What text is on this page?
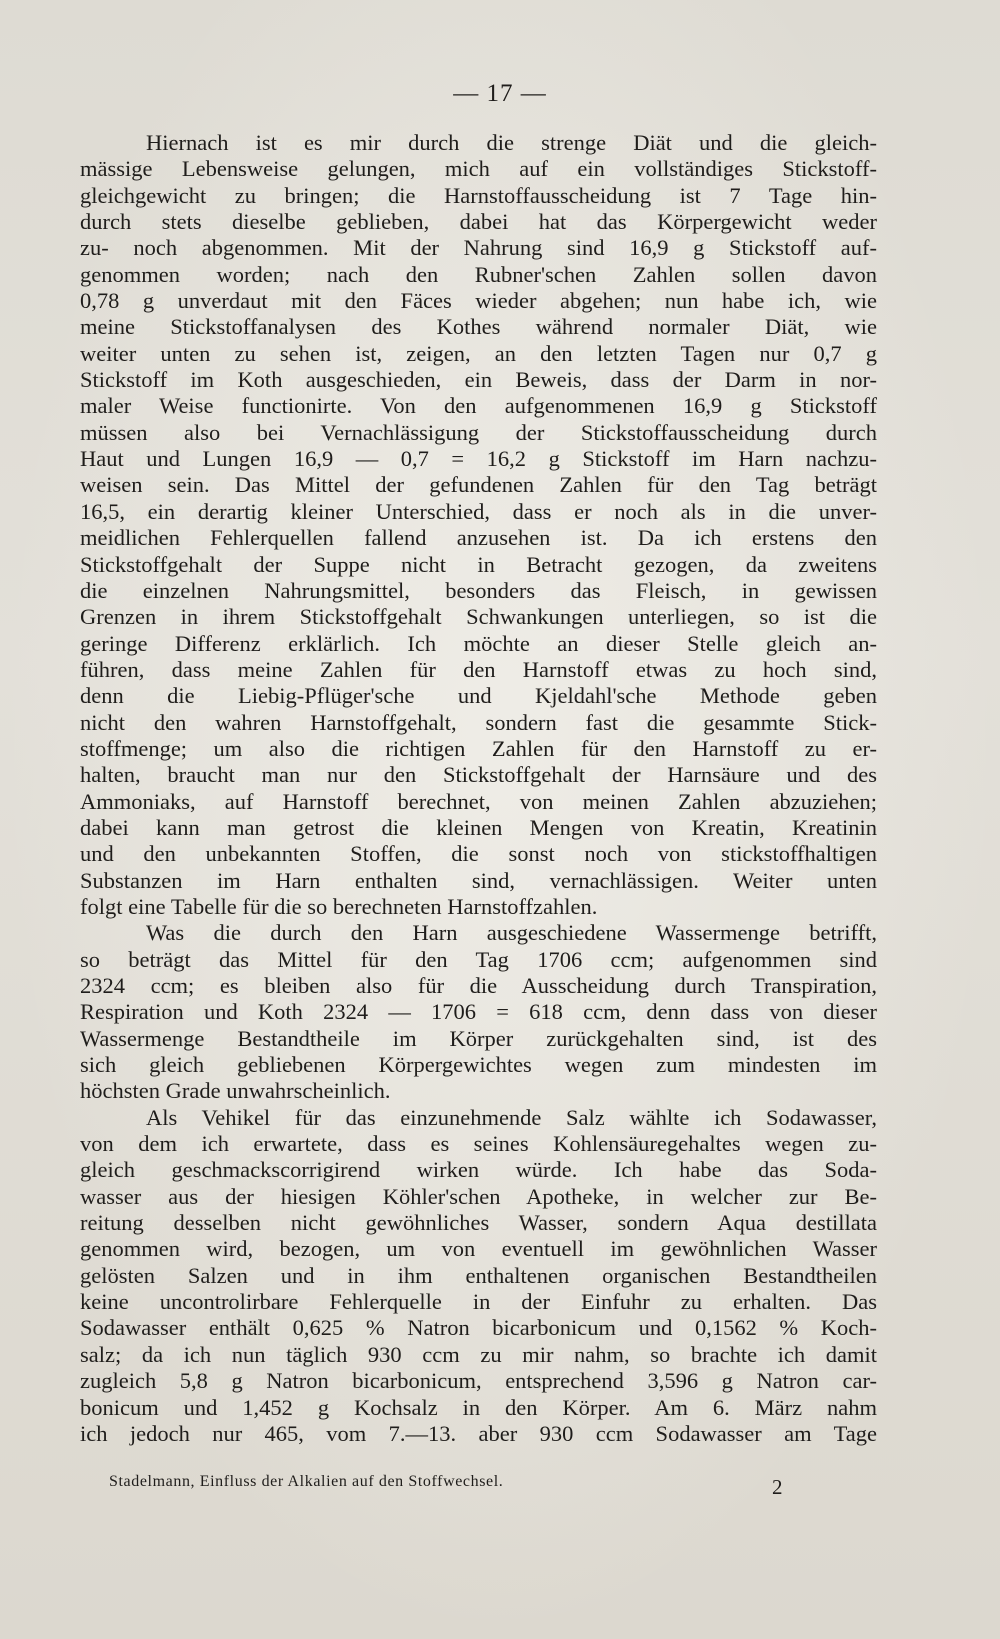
— 17 —
Hiernach ist es mir durch die strenge Diät und die gleich-
mässige Lebensweise gelungen, mich auf ein vollständiges Stickstoff-
gleichgewicht zu bringen; die Harnstoffausscheidung ist 7 Tage hin-
durch stets dieselbe geblieben, dabei hat das Körpergewicht weder
zu- noch abgenommen. Mit der Nahrung sind 16,9 g Stickstoff auf-
genommen worden; nach den Rubner'schen Zahlen sollen davon
0,78 g unverdaut mit den Fäces wieder abgehen; nun habe ich, wie
meine Stickstoffanalysen des Kothes während normaler Diät, wie
weiter unten zu sehen ist, zeigen, an den letzten Tagen nur 0,7 g
Stickstoff im Koth ausgeschieden, ein Beweis, dass der Darm in nor-
maler Weise functionirte. Von den aufgenommenen 16,9 g Stickstoff
müssen also bei Vernachlässigung der Stickstoffausscheidung durch
Haut und Lungen 16,9 — 0,7 = 16,2 g Stickstoff im Harn nachzu-
weisen sein. Das Mittel der gefundenen Zahlen für den Tag beträgt
16,5, ein derartig kleiner Unterschied, dass er noch als in die unver-
meidlichen Fehlerquellen fallend anzusehen ist. Da ich erstens den
Stickstoffgehalt der Suppe nicht in Betracht gezogen, da zweitens
die einzelnen Nahrungsmittel, besonders das Fleisch, in gewissen
Grenzen in ihrem Stickstoffgehalt Schwankungen unterliegen, so ist die
geringe Differenz erklärlich. Ich möchte an dieser Stelle gleich an-
führen, dass meine Zahlen für den Harnstoff etwas zu hoch sind,
denn die Liebig-Pflüger'sche und Kjeldahl'sche Methode geben
nicht den wahren Harnstoffgehalt, sondern fast die gesammte Stick-
stoffmenge; um also die richtigen Zahlen für den Harnstoff zu er-
halten, braucht man nur den Stickstoffgehalt der Harnsäure und des
Ammoniaks, auf Harnstoff berechnet, von meinen Zahlen abzuziehen;
dabei kann man getrost die kleinen Mengen von Kreatin, Kreatinin
und den unbekannten Stoffen, die sonst noch von stickstoffhaltigen
Substanzen im Harn enthalten sind, vernachlässigen. Weiter unten
folgt eine Tabelle für die so berechneten Harnstoffzahlen.
Was die durch den Harn ausgeschiedene Wassermenge betrifft,
so beträgt das Mittel für den Tag 1706 ccm; aufgenommen sind
2324 ccm; es bleiben also für die Ausscheidung durch Transpiration,
Respiration und Koth 2324 — 1706 = 618 ccm, denn dass von dieser
Wassermenge Bestandtheile im Körper zurückgehalten sind, ist des
sich gleich gebliebenen Körpergewichtes wegen zum mindesten im
höchsten Grade unwahrscheinlich.
Als Vehikel für das einzunehmende Salz wählte ich Sodawasser,
von dem ich erwartete, dass es seines Kohlensäuregehaltes wegen zu-
gleich geschmackscorrigirend wirken würde. Ich habe das Soda-
wasser aus der hiesigen Köhler'schen Apotheke, in welcher zur Be-
reitung desselben nicht gewöhnliches Wasser, sondern Aqua destillata
genommen wird, bezogen, um von eventuell im gewöhnlichen Wasser
gelösten Salzen und in ihm enthaltenen organischen Bestandtheilen
keine uncontrolirbare Fehlerquelle in der Einfuhr zu erhalten. Das
Sodawasser enthält 0,625 % Natron bicarbonicum und 0,1562 % Koch-
salz; da ich nun täglich 930 ccm zu mir nahm, so brachte ich damit
zugleich 5,8 g Natron bicarbonicum, entsprechend 3,596 g Natron car-
bonicum und 1,452 g Kochsalz in den Körper. Am 6. März nahm
ich jedoch nur 465, vom 7.—13. aber 930 ccm Sodawasser am Tage
Stadelmann, Einfluss der Alkalien auf den Stoffwechsel.	2
